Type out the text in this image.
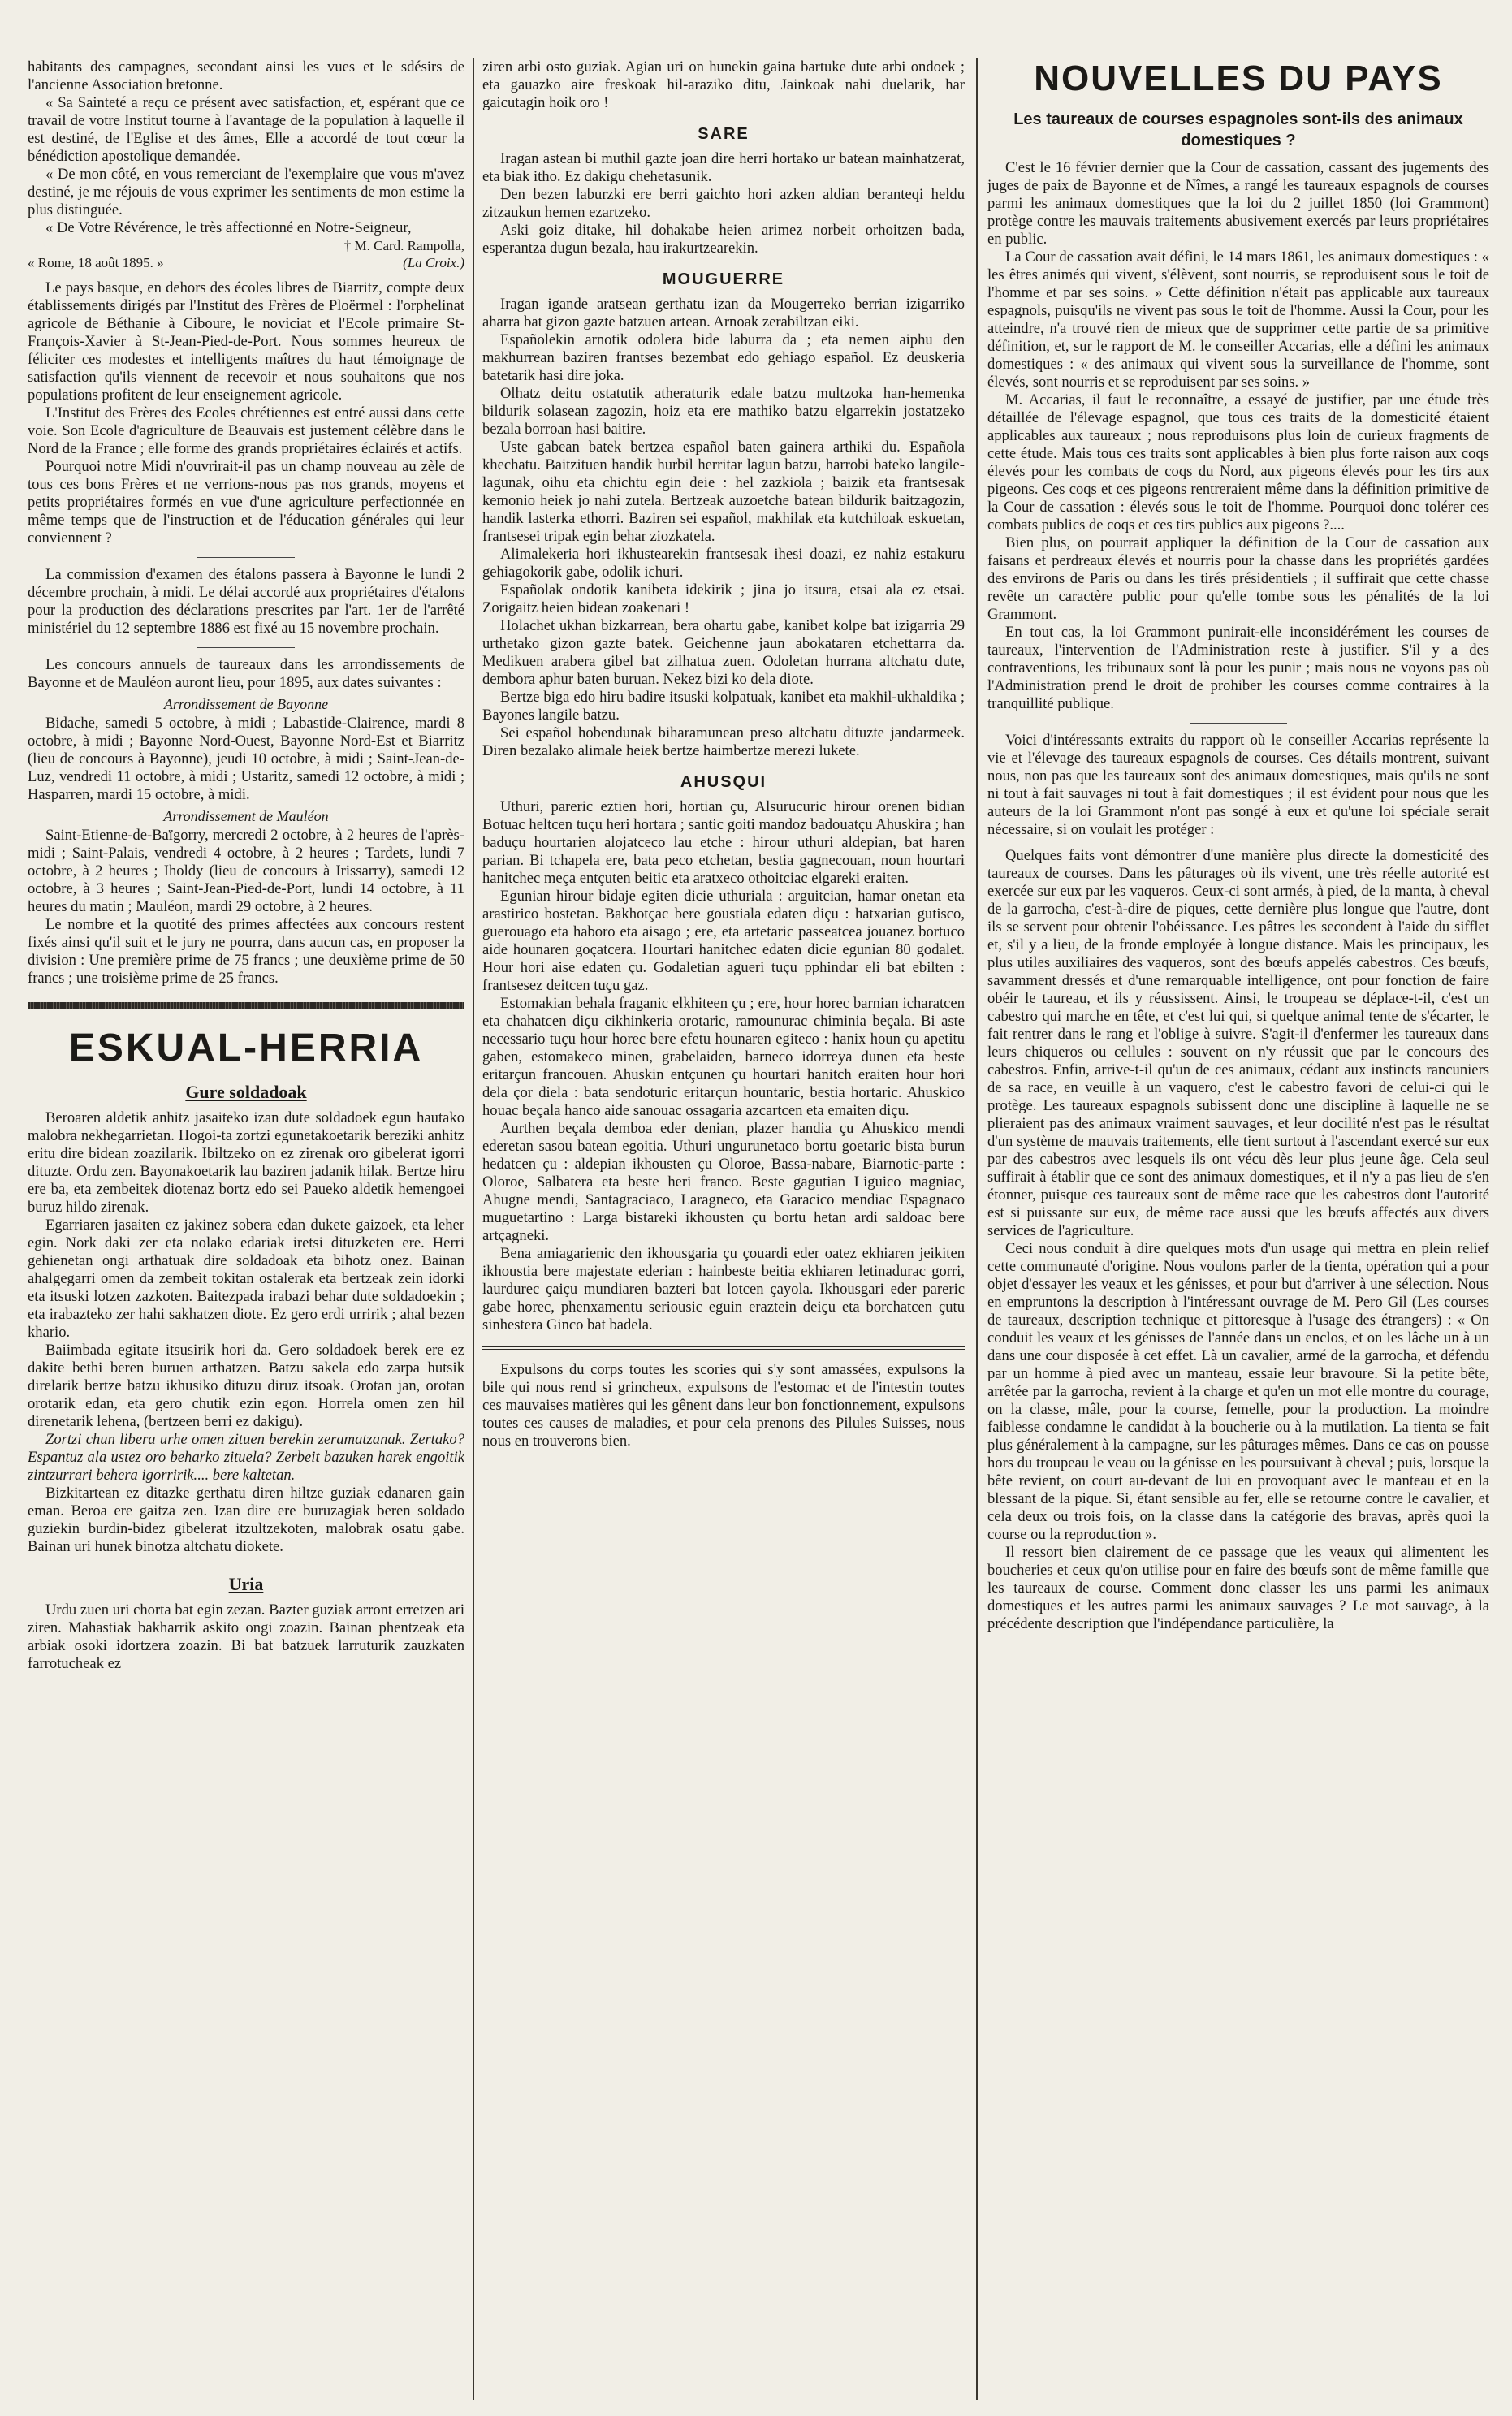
habitants des campagnes, secondant ainsi les vues et le sdésirs de l'ancienne Association bretonne.

« Sa Sainteté a reçu ce présent avec satisfaction, et, espérant que ce travail de votre Institut tourne à l'avantage de la population à laquelle il est destiné, de l'Eglise et des âmes, Elle a accordé de tout cœur la bénédiction apostolique demandée.

« De mon côté, en vous remerciant de l'exemplaire que vous m'avez destiné, je me réjouis de vous exprimer les sentiments de mon estime la plus distinguée.

« De Votre Révérence, le très affectionné en Notre-Seigneur,

† M. Card. Rampolla,
« Rome, 18 août 1895. »	(La Croix.)

Le pays basque, en dehors des écoles libres de Biarritz, compte deux établissements dirigés par l'Institut des Frères de Ploërmel : l'orphelinat agricole de Béthanie à Ciboure, le noviciat et l'Ecole primaire St-François-Xavier à St-Jean-Pied-de-Port. Nous sommes heureux de féliciter ces modestes et intelligents maîtres du haut témoignage de satisfaction qu'ils viennent de recevoir et nous souhaitons que nos populations profitent de leur enseignement agricole.

L'Institut des Frères des Ecoles chrétiennes est entré aussi dans cette voie. Son Ecole d'agriculture de Beauvais est justement célèbre dans le Nord de la France ; elle forme des grands propriétaires éclairés et actifs.

Pourquoi notre Midi n'ouvrirait-il pas un champ nouveau au zèle de tous ces bons Frères et ne verrions-nous pas nos grands, moyens et petits propriétaires formés en vue d'une agriculture perfectionnée en même temps que de l'instruction et de l'éducation générales qui leur conviennent ?

La commission d'examen des étalons passera à Bayonne le lundi 2 décembre prochain, à midi. Le délai accordé aux propriétaires d'étalons pour la production des déclarations prescrites par l'art. 1er de l'arrêté ministériel du 12 septembre 1886 est fixé au 15 novembre prochain.

Les concours annuels de taureaux dans les arrondissements de Bayonne et de Mauléon auront lieu, pour 1895, aux dates suivantes :

Arrondissement de Bayonne

Bidache, samedi 5 octobre, à midi ; Labastide-Clairence, mardi 8 octobre, à midi ; Bayonne Nord-Ouest, Bayonne Nord-Est et Biarritz (lieu de concours à Bayonne), jeudi 10 octobre, à midi ; Saint-Jean-de-Luz, vendredi 11 octobre, à midi ; Ustaritz, samedi 12 octobre, à midi ; Hasparren, mardi 15 octobre, à midi.

Arrondissement de Mauléon

Saint-Etienne-de-Baïgorry, mercredi 2 octobre, à 2 heures de l'après-midi ; Saint-Palais, vendredi 4 octobre, à 2 heures ; Tardets, lundi 7 octobre, à 2 heures ; Iholdy (lieu de concours à Irissarry), samedi 12 octobre, à 3 heures ; Saint-Jean-Pied-de-Port, lundi 14 octobre, à 11 heures du matin ; Mauléon, mardi 29 octobre, à 2 heures.

Le nombre et la quotité des primes affectées aux concours restent fixés ainsi qu'il suit et le jury ne pourra, dans aucun cas, en proposer la division : Une première prime de 75 francs ; une deuxième prime de 50 francs ; une troisième prime de 25 francs.

ESKUAL-HERRIA
Gure soldadoak

Beroaren aldetik anhitz jasaiteko izan dute soldadoek egun hautako malobra nekhegarrietan. Hogoi-ta zortzi egunetakoetarik bereziki anhitz eritu dire bidean zoazilarik. Ibiltzeko on ez zirenak oro gibelerat igorri dituzte. Ordu zen. Bayonakoetarik lau baziren jadanik hilak. Bertze hiru ere ba, eta zembeitek diotenaz bortz edo sei Paueko aldetik hemengoei buruz hildo zirenak.

Egarriaren jasaiten ez jakinez sobera edan dukete gaizoek, eta leher egin. Nork daki zer eta nolako edariak iretsi dituzketen ere. Herri gehienetan ongi arthatuak dire soldadoak eta bihotz onez. Bainan ahalgegarri omen da zembeit tokitan ostalerak eta bertzeak zein idorki eta itsuski lotzen zazkoten. Baitezpada irabazi behar dute soldadoekin ; eta irabazteko zer hahi sakhatzen diote. Ez gero erdi urririk ; ahal bezen khario.

Baiimbada egitate itsusirik hori da. Gero soldadoek berek ere ez dakite bethi beren buruen arthatzen. Batzu sakela edo zarpa hutsik direlarik bertze batzu ikhusiko dituzu diruz itsoak. Orotan jan, orotan orotarik edan, eta gero chutik ezin egon. Horrela omen zen hil direnetarik lehena, (bertzeen berri ez dakigu).

Zortzi chun libera urhe omen zituen berekin zeramatzanak. Zertako? Espantuz ala ustez oro beharko zituela? Zerbeit bazuken harek engoitik zintzurrari behera igorririk.... bere kaltetan.

Bizkitartean ez ditazke gerthatu diren hiltze guziak edanaren gain eman. Beroa ere gaitza zen. Izan dire ere buruzagiak beren soldado guziekin burdin-bidez gibelerat itzultzekoten, malobrak osatu gabe. Bainan uri hunek binotza altchatu diokete.

Uria

Urdu zuen uri chorta bat egin zezan. Bazter guziak arront erretzen ari ziren. Mahastiak bakharrik askito ongi zoazin. Bainan phentzeak eta arbiak osoki idortzera zoazin. Bi bat batzuek larruturik zauzkaten farrotucheak ez

ziren arbi osto guziak. Agian uri on hunekin gaina bartuke dute arbi ondoek ; eta gauazko aire freskoak hil-araziko ditu, Jainkoak nahi duelarik, har gaicutagin hoik oro !

SARE

Iragan astean bi muthil gazte joan dire herri hortako ur batean mainhatzerat, eta biak itho. Ez dakigu chehetasunik.

Den bezen laburzki ere berri gaichto hori azken aldian beranteqi heldu zitzaukun hemen ezartzeko.

Aski goiz ditake, hil dohakabe heien arimez norbeit orhoitzen bada, esperantza dugun bezala, hau irakurtzearekin.

MOUGUERRE

Iragan igande aratsean gerthatu izan da Mougerreko berrian izigarriko aharra bat gizon gazte batzuen artean. Arnoak zerabiltzan eiki.

Españolekin arnotik odolera bide laburra da ; eta nemen aiphu den makhurrean baziren frantses bezembat edo gehiago español. Ez deuskeria batetarik hasi dire joka.

Olhatz deitu ostatutik atheraturik edale batzu multzoka han-hemenka bildurik solasean zagozin, hoiz eta ere mathiko batzu elgarrekin jostatzeko bezala borroan hasi baitire.

Uste gabean batek bertzea español baten gainera arthiki du. Española khechatu. Baitzituen handik hurbil herritar lagun batzu, harrobi bateko langile-lagunak, oihu eta chichtu egin deie : hel zazkiola ; baizik eta frantsesak kemonio heiek jo nahi zutela. Bertzeak auzoetche batean bildurik baitzagozin, handik lasterka ethorri. Baziren sei español, makhilak eta kutchiloak eskuetan, frantsesei tripak egin behar ziozkatela.

Alimalekeria hori ikhustearekin frantsesak ihesi doazi, ez nahiz estakuru gehiagokorik gabe, odolik ichuri.

Españolak ondotik kanibeta idekirik ; jina jo itsura, etsai ala ez etsai. Zorigaitz heien bidean zoakenari !

Holachet ukhan bizkarrean, bera ohartu gabe, kanibet kolpe bat izigarria 29 urthetako gizon gazte batek. Geichenne jaun abokataren etchettarra da. Medikuen arabera gibel bat zilhatua zuen. Odoletan hurrana altchatu dute, dembora aphur baten buruan. Nekez bizi ko dela diote.

Bertze biga edo hiru badire itsuski kolpatuak, kanibet eta makhil-ukhaldika ; Bayones langile batzu.

Sei español hobendunak biharamunean preso altchatu dituzte jandarmeek. Diren bezalako alimale heiek bertze haimbertze merezi lukete.

AHUSQUI

Uthuri, pareric eztien hori, hortian çu, Alsurucuric hirour orenen bidian Botuac heltcen tuçu heri hortara ; santic goiti mandoz badouatçu Ahuskira ; han baduçu hourtarien alojatceco lau etche : hirour uthuri aldepian, bat haren parian. Bi tchapela ere, bata peco etchetan, bestia gagnecouan, noun hourtari hanitchec meça entçuten beitic eta aratxeco othoitciac elgareki eraiten.

Egunian hirour bidaje egiten dicie uthuriala : arguitcian, hamar onetan eta arastirico bostetan. Bakhotçac bere goustiala edaten diçu : hatxarian gutisco, guerouago eta haboro eta aisago ; ere, eta artetaric passeatcea jouanez bortuco aide hounaren goçatcera. Hourtari hanitchec edaten dicie egunian 80 godalet. Hour hori aise edaten çu. Godaletian agueri tuçu pphindar eli bat ebilten : frantsesez deitcen tuçu gaz.

Estomakian behala fraganic elkhiteen çu ; ere, hour horec barnian icharatcen eta chahatcen diçu cikhinkeria orotaric, ramounurac chiminia beçala. Bi aste necessario tuçu hour horec bere efetu hounaren egiteco : hanix houn çu apetitu gaben, estomakeco minen, grabelaiden, barneco idorreya dunen eta beste eritarçun francouen. Ahuskin entçunen çu hourtari hanitch eraiten hour hori dela çor diela : bata sendoturic eritarçun hountaric, bestia hortaric. Ahuskico houac beçala hanco aide sanouac ossagaria azcartcen eta emaiten diçu.

Aurthen beçala demboa eder denian, plazer handia çu Ahuskico mendi ederetan sasou batean egoitia. Uthuri ungurunetaco bortu goetaric bista burun hedatcen çu : aldepian ikhousten çu Oloroe, Bassa-nabare, Biarnotic-parte : Oloroe, Salbatera eta beste heri franco. Beste gagutian Liguico magniac, Ahugne mendi, Santagraciaco, Laragneco, eta Garacico mendiac Espagnaco muguetartino : Larga bistareki ikhousten çu bortu hetan ardi saldoac bere artçagneki.

Bena amiagarienic den ikhousgaria çu çouardi eder oatez ekhiaren jeikiten ikhoustia bere majestate ederian : hainbeste beitia ekhiaren letinadurac gorri, laurdurec çaiçu mundiaren bazteri bat lotcen çayola. Ikhousgari eder pareric gabe horec, phenxamentu seriousic eguin eraztein deiçu eta borchatcen çutu sinhestera Ginco bat badela.

Expulsons du corps toutes les scories qui s'y sont amassées, expulsons la bile qui nous rend si grincheux, expulsons de l'estomac et de l'intestin toutes ces mauvaises matières qui les gênent dans leur bon fonctionnement, expulsons toutes ces causes de maladies, et pour cela prenons des Pilules Suisses, nous nous en trouverons bien.

NOUVELLES DU PAYS
Les taureaux de courses espagnoles sont-ils des animaux domestiques ?

C'est le 16 février dernier que la Cour de cassation, cassant des jugements des juges de paix de Bayonne et de Nîmes, a rangé les taureaux espagnols de courses parmi les animaux domestiques que la loi du 2 juillet 1850 (loi Grammont) protège contre les mauvais traitements abusivement exercés par leurs propriétaires en public.

La Cour de cassation avait défini, le 14 mars 1861, les animaux domestiques : « les êtres animés qui vivent, s'élèvent, sont nourris, se reproduisent sous le toit de l'homme et par ses soins. » Cette définition n'était pas applicable aux taureaux espagnols, puisqu'ils ne vivent pas sous le toit de l'homme. Aussi la Cour, pour les atteindre, n'a trouvé rien de mieux que de supprimer cette partie de sa primitive définition, et, sur le rapport de M. le conseiller Accarias, elle a défini les animaux domestiques : « des animaux qui vivent sous la surveillance de l'homme, sont élevés, sont nourris et se reproduisent par ses soins. »

M. Accarias, il faut le reconnaître, a essayé de justifier, par une étude très détaillée de l'élevage espagnol, que tous ces traits de la domesticité étaient applicables aux taureaux ; nous reproduisons plus loin de curieux fragments de cette étude. Mais tous ces traits sont applicables à bien plus forte raison aux coqs élevés pour les combats de coqs du Nord, aux pigeons élevés pour les tirs aux pigeons. Ces coqs et ces pigeons rentreraient même dans la définition primitive de la Cour de cassation : élevés sous le toit de l'homme. Pourquoi donc tolérer ces combats publics de coqs et ces tirs publics aux pigeons ?....

Bien plus, on pourrait appliquer la définition de la Cour de cassation aux faisans et perdreaux élevés et nourris pour la chasse dans les propriétés gardées des environs de Paris ou dans les tirés présidentiels ; il suffirait que cette chasse revête un caractère public pour qu'elle tombe sous les pénalités de la loi Grammont.

En tout cas, la loi Grammont punirait-elle inconsidérément les courses de taureaux, l'intervention de l'Administration reste à justifier. S'il y a des contraventions, les tribunaux sont là pour les punir ; mais nous ne voyons pas où l'Administration prend le droit de prohiber les courses comme contraires à la tranquillité publique.

Voici d'intéressants extraits du rapport où le conseiller Accarias représente la vie et l'élevage des taureaux espagnols de courses. Ces détails montrent, suivant nous, non pas que les taureaux sont des animaux domestiques, mais qu'ils ne sont ni tout à fait sauvages ni tout à fait domestiques ; il est évident pour nous que les auteurs de la loi Grammont n'ont pas songé à eux et qu'une loi spéciale serait nécessaire, si on voulait les protéger :

Quelques faits vont démontrer d'une manière plus directe la domesticité des taureaux de courses. Dans les pâturages où ils vivent, une très réelle autorité est exercée sur eux par les vaqueros. Ceux-ci sont armés, à pied, de la manta, à cheval de la garrocha, c'est-à-dire de piques, cette dernière plus longue que l'autre, dont ils se servent pour obtenir l'obéissance. Les pâtres les secondent à l'aide du sifflet et, s'il y a lieu, de la fronde employée à longue distance. Mais les principaux, les plus utiles auxiliaires des vaqueros, sont des bœufs appelés cabestros. Ces bœufs, savamment dressés et d'une remarquable intelligence, ont pour fonction de faire obéir le taureau, et ils y réussissent. Ainsi, le troupeau se déplace-t-il, c'est un cabestro qui marche en tête, et c'est lui qui, si quelque animal tente de s'écarter, le fait rentrer dans le rang et l'oblige à suivre. S'agit-il d'enfermer les taureaux dans leurs chiqueros ou cellules : souvent on n'y réussit que par le concours des cabestros. Enfin, arrive-t-il qu'un de ces animaux, cédant aux instincts rancuniers de sa race, en veuille à un vaquero, c'est le cabestro favori de celui-ci qui le protège. Les taureaux espagnols subissent donc une discipline à laquelle ne se plieraient pas des animaux vraiment sauvages, et leur docilité n'est pas le résultat d'un système de mauvais traitements, elle tient surtout à l'ascendant exercé sur eux par des cabestros avec lesquels ils ont vécu dès leur plus jeune âge. Cela seul suffirait à établir que ce sont des animaux domestiques, et il n'y a pas lieu de s'en étonner, puisque ces taureaux sont de même race que les cabestros dont l'autorité est si puissante sur eux, de même race aussi que les bœufs affectés aux divers services de l'agriculture.

Ceci nous conduit à dire quelques mots d'un usage qui mettra en plein relief cette communauté d'origine. Nous voulons parler de la tienta, opération qui a pour objet d'essayer les veaux et les génisses, et pour but d'arriver à une sélection. Nous en empruntons la description à l'intéressant ouvrage de M. Pero Gil (Les courses de taureaux, description technique et pittoresque à l'usage des étrangers) : « On conduit les veaux et les génisses de l'année dans un enclos, et on les lâche un à un dans une cour disposée à cet effet. Là un cavalier, armé de la garrocha, et défendu par un homme à pied avec un manteau, essaie leur bravoure. Si la petite bête, arrêtée par la garrocha, revient à la charge et qu'en un mot elle montre du courage, on la classe, mâle, pour la course, femelle, pour la production. La moindre faiblesse condamne le candidat à la boucherie ou à la mutilation. La tienta se fait plus généralement à la campagne, sur les pâturages mêmes. Dans ce cas on pousse hors du troupeau le veau ou la génisse en les poursuivant à cheval ; puis, lorsque la bête revient, on court au-devant de lui en provoquant avec le manteau et en la blessant de la pique. Si, étant sensible au fer, elle se retourne contre le cavalier, et cela deux ou trois fois, on la classe dans la catégorie des bravas, après quoi la course ou la reproduction ».

Il ressort bien clairement de ce passage que les veaux qui alimentent les boucheries et ceux qu'on utilise pour en faire des bœufs sont de même famille que les taureaux de course. Comment donc classer les uns parmi les animaux domestiques et les autres parmi les animaux sauvages ? Le mot sauvage, à la précédente description que l'indépendance particulière, la
